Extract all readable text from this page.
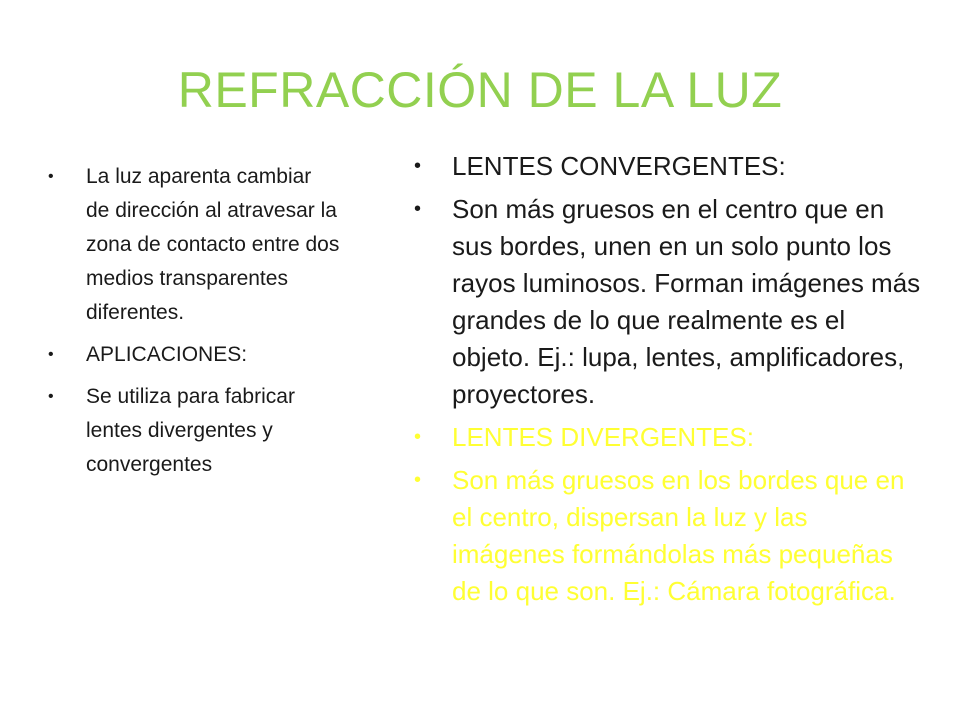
REFRACCIÓN DE LA LUZ
•	La luz aparenta cambiar de dirección al atravesar la zona de contacto entre dos medios transparentes diferentes.
•	APLICACIONES:
•	Se utiliza para fabricar lentes divergentes y convergentes
•	LENTES CONVERGENTES:
•	Son más gruesos en el centro que en sus bordes, unen en un solo punto los rayos luminosos. Forman imágenes más grandes de lo que realmente es el objeto. Ej.: lupa, lentes, amplificadores, proyectores.
•	LENTES DIVERGENTES:
•	Son más gruesos en los bordes que en el centro, dispersan la luz y las imágenes formándolas más pequeñas de lo que son. Ej.: Cámara fotográfica.
